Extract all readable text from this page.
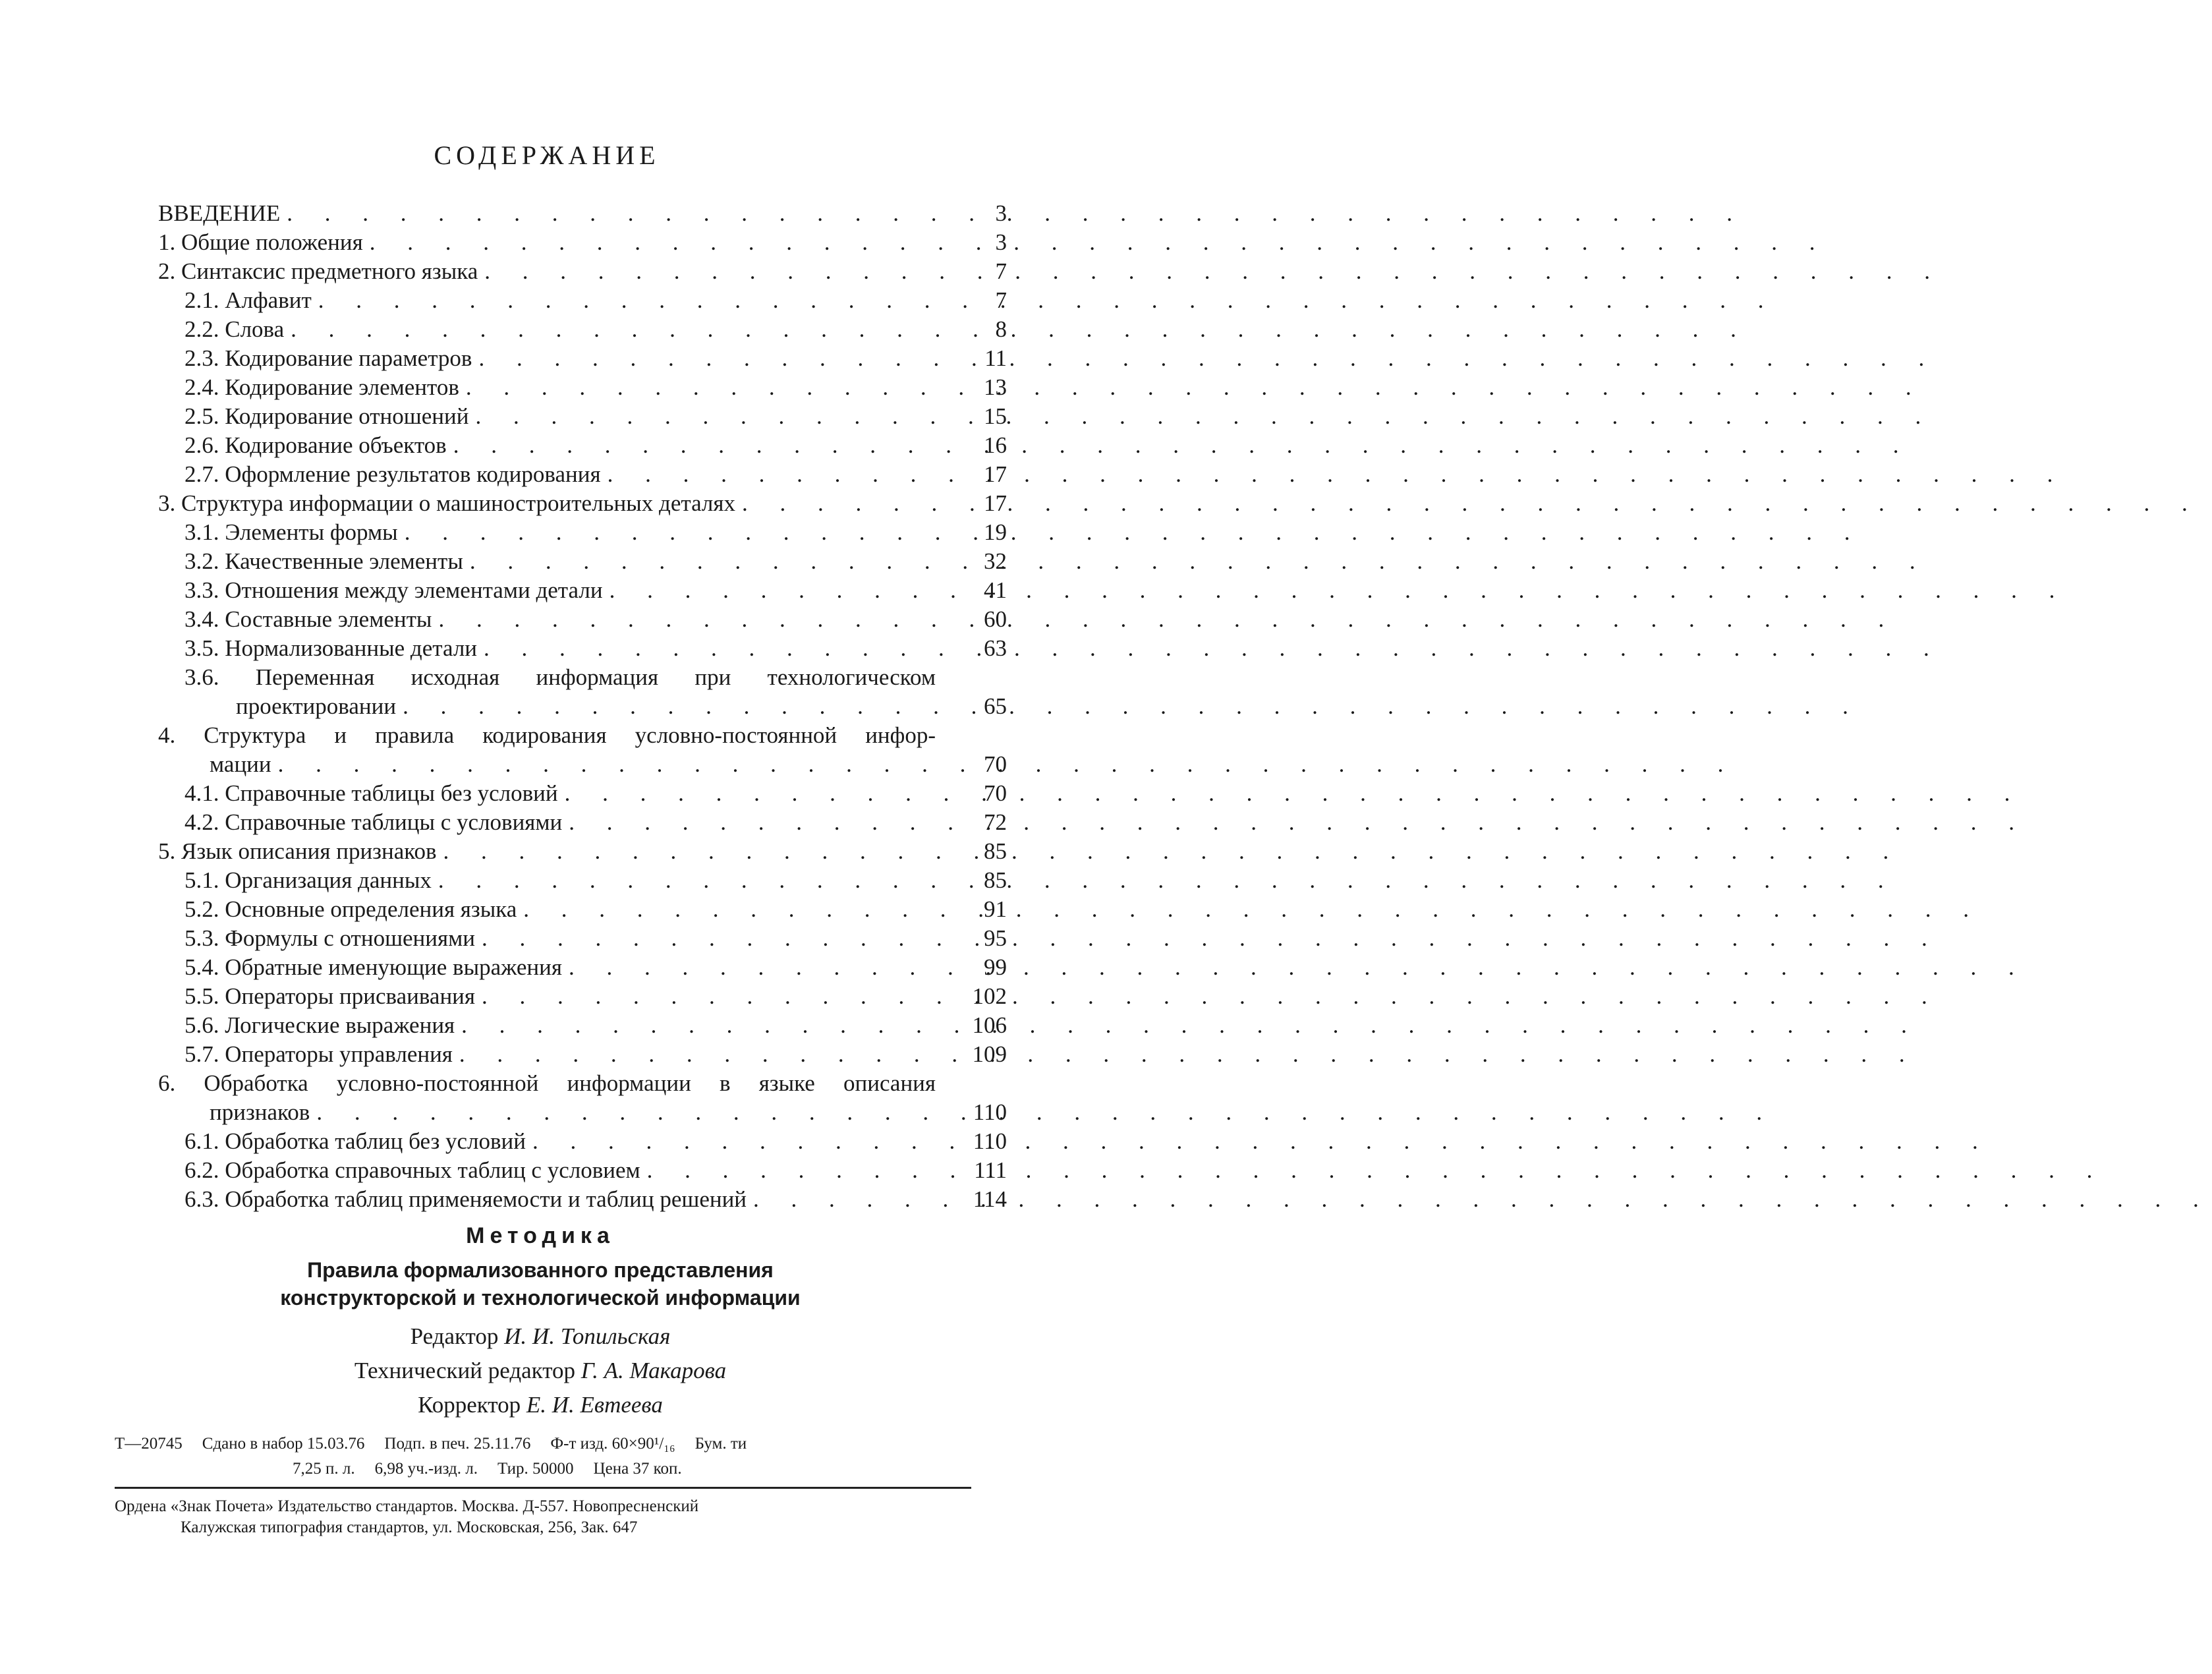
СОДЕРЖАНИЕ
ВВЕДЕНИЕ . . .	3
1. Общие положения . . .	3
2. Синтаксис предметного языка . . .	7
2.1. Алфавит . . .	7
2.2. Слова . . .	8
2.3. Кодирование параметров . . .	11
2.4. Кодирование элементов . . .	13
2.5. Кодирование отношений . . .	15
2.6. Кодирование объектов . . .	16
2.7. Оформление результатов кодирования . . .	17
3. Структура информации о машиностроительных деталях . . .	17
3.1. Элементы формы . . .	19
3.2. Качественные элементы . . .	32
3.3. Отношения между элементами детали . . .	41
3.4. Составные элементы . . .	60
3.5. Нормализованные детали . . .	63
3.6. Переменная исходная информация при технологическом
проектировании . . .	65
4. Структура и правила кодирования условно-постоянной инфор-
мации . . .	70
4.1. Справочные таблицы без условий . . .	70
4.2. Справочные таблицы с условиями . . .	72
5. Язык описания признаков . . .	85
5.1. Организация данных . . .	85
5.2. Основные определения языка . . .	91
5.3. Формулы с отношениями . . .	95
5.4. Обратные именующие выражения . . .	99
5.5. Операторы присваивания . . .	102
5.6. Логические выражения . . .	106
5.7. Операторы управления . . .	109
6. Обработка условно-постоянной информации в языке описания
признаков . . .	110
6.1. Обработка таблиц без условий . . .	110
6.2. Обработка справочных таблиц с условием . . .	111
6.3. Обработка таблиц применяемости и таблиц решений . . .	114
Методика
Правила формализованного представления
конструкторской и технологической информации
Редактор И. И. Топильская
Технический редактор Г. А. Макарова
Корректор Е. И. Евтеева
Т—20745 Сдано в набор 15.03.76 Подп. в печ. 25.11.76 Ф-т изд. 60×90¹/₁₆ Бум. ти
7,25 п. л. 6,98 уч.-изд. л. Тир. 50000 Цена 37 коп.
Ордена «Знак Почета» Издательство стандартов. Москва. Д-557. Новопресненский
Калужская типография стандартов, ул. Московская, 256, Зак. 647
